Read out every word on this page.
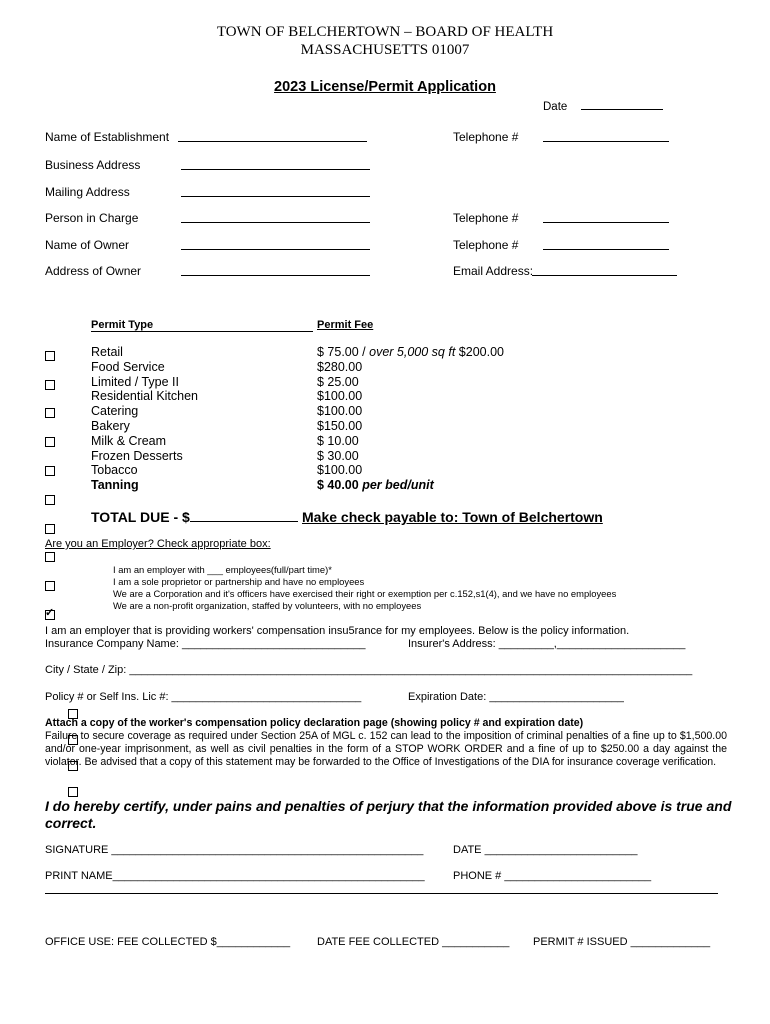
TOWN OF BELCHERTOWN – BOARD OF HEALTH
MASSACHUSETTS 01007
2023 License/Permit Application
Date
Name of Establishment	Telephone #
Business Address
Mailing Address
Person in Charge	Telephone #
Name of Owner	Telephone #
Address of Owner	Email Address:
Permit Type	Permit Fee
Retail	$ 75.00 / over 5,000 sq ft $200.00
Food Service	$280.00
Limited / Type II	$ 25.00
Residential Kitchen	$100.00
Catering	$100.00
Bakery	$150.00
Milk & Cream	$ 10.00
Frozen Desserts	$ 30.00
Tobacco	$100.00
✓
Tanning	$ 40.00 per bed/unit
TOTAL DUE - $	Make check payable to: Town of Belchertown
Are you an Employer? Check appropriate box:
I am an employer with ___ employees(full/part time)*
I am a sole proprietor or partnership and have no employees
We are a Corporation and it's officers have exercised their right or exemption per c.152,s1(4), and we have no employees
We are a non-profit organization, staffed by volunteers, with no employees
I am an employer that is providing workers' compensation insu5rance for my employees. Below is the policy information.
Insurance Company Name: ______________________________	Insurer's Address: _________,_____________________
City / State / Zip: ____________________________________________________________________________________________
Policy # or Self Ins. Lic #: _______________________________	Expiration Date: ______________________
Attach a copy of the worker's compensation policy declaration page (showing policy # and expiration date)
Failure to secure coverage as required under Section 25A of MGL c. 152 can lead to the imposition of criminal penalties of a fine up to $1,500.00 and/or one-year imprisonment, as well as civil penalties in the form of a STOP WORK ORDER and a fine of up to $250.00 a day against the violator. Be advised that a copy of this statement may be forwarded to the Office of Investigations of the DIA for insurance coverage verification.
I do hereby certify, under pains and penalties of perjury that the information provided above is true and correct.
SIGNATURE ___________________________________________________	DATE _________________________
PRINT NAME___________________________________________________	PHONE # ________________________
OFFICE USE: FEE COLLECTED $____________ DATE FEE COLLECTED ___________ PERMIT # ISSUED _____________
